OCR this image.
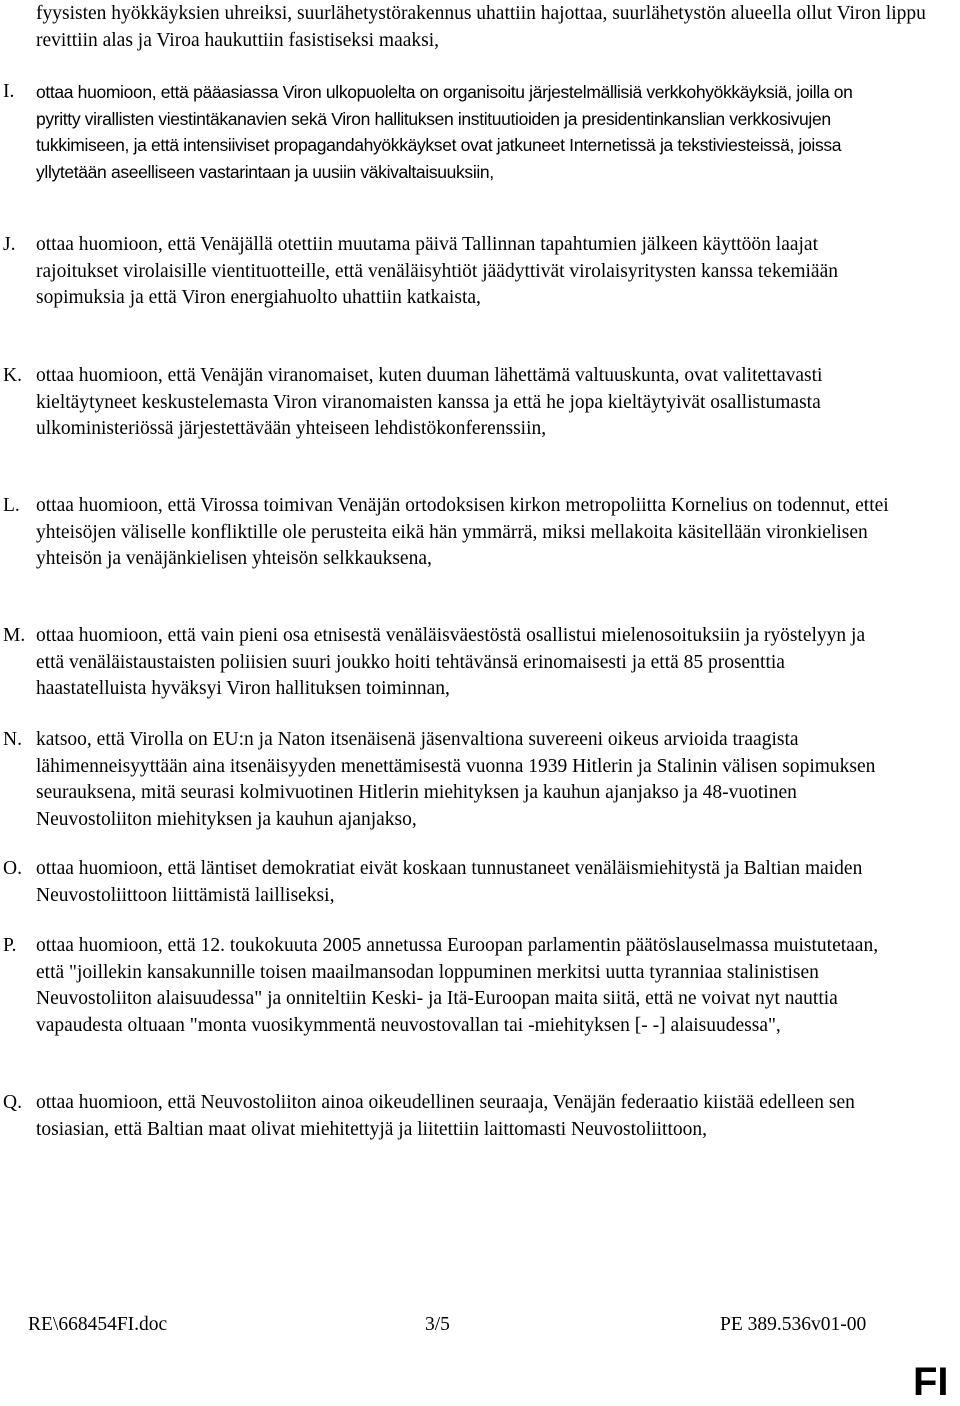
fyysisten hyökkäyksien uhreiksi, suurlähetystörakennus uhattiin hajottaa, suurlähetystön alueella ollut Viron lippu revittiin alas ja Viroa haukuttiin fasistiseksi maaksi,
I. ottaa huomioon, että pääasiassa Viron ulkopuolelta on organisoitu järjestelmällisiä verkkohyökkäyksiä, joilla on pyritty virallisten viestintäkanavien sekä Viron hallituksen instituutioiden ja presidentinkanslian verkkosivujen tukkimiseen, ja että intensiiviset propagandahyökkäykset ovat jatkuneet Internetissä ja tekstiviesteissä, joissa yllytetään aseelliseen vastarintaan ja uusiin väkivaltaisuuksiin,
J. ottaa huomioon, että Venäjällä otettiin muutama päivä Tallinnan tapahtumien jälkeen käyttöön laajat rajoitukset virolaisille vientituotteille, että venäläisyhtiöt jäädyttivät virolaisyritysten kanssa tekemiään sopimuksia ja että Viron energiahuolto uhattiin katkaista,
K. ottaa huomioon, että Venäjän viranomaiset, kuten duuman lähettämä valtuuskunta, ovat valitettavasti kieltäytyneet keskustelemasta Viron viranomaisten kanssa ja että he jopa kieltäytyivät osallistumasta ulkoministeriössä järjestettävään yhteiseen lehdistökonferenssiin,
L. ottaa huomioon, että Virossa toimivan Venäjän ortodoksisen kirkon metropoliitta Kornelius on todennut, ettei yhteisöjen väliselle konfliktille ole perusteita eikä hän ymmärrä, miksi mellakoita käsitellään vironkielisen yhteisön ja venäjänkielisen yhteisön selkkauksena,
M. ottaa huomioon, että vain pieni osa etnisestä venäläisväestöstä osallistui mielenosoituksiin ja ryöstelyyn ja että venäläistaustaisten poliisien suuri joukko hoiti tehtävänsä erinomaisesti ja että 85 prosenttia haastatelluista hyväksyi Viron hallituksen toiminnan,
N. katsoo, että Virolla on EU:n ja Naton itsenäisenä jäsenvaltiona suvereeni oikeus arvioida traagista lähimenneisyyttään aina itsenäisyyden menettämisestä vuonna 1939 Hitlerin ja Stalinin välisen sopimuksen seurauksena, mitä seurasi kolmivuotinen Hitlerin miehityksen ja kauhun ajanjakso ja 48-vuotinen Neuvostoliiton miehityksen ja kauhun ajanjakso,
O. ottaa huomioon, että läntiset demokratiat eivät koskaan tunnustaneet venäläismiehitystä ja Baltian maiden Neuvostoliittoon liittämistä lailliseksi,
P. ottaa huomioon, että 12. toukokuuta 2005 annetussa Euroopan parlamentin päätöslauselmassa muistutetaan, että "joillekin kansakunnille toisen maailmansodan loppuminen merkitsi uutta tyranniaa stalinistisen Neuvostoliiton alaisuudessa" ja onniteltiin Keski- ja Itä-Euroopan maita siitä, että ne voivat nyt nauttia vapaudesta oltuaan "monta vuosikymmentä neuvostovallan tai -miehityksen [- -] alaisuudessa",
Q. ottaa huomioon, että Neuvostoliiton ainoa oikeudellinen seuraaja, Venäjän federaatio kiistää edelleen sen tosiasian, että Baltian maat olivat miehitettyjä ja liitettiin laittomasti Neuvostoliittoon,
RE\668454FI.doc	3/5	PE 389.536v01-00
FI
